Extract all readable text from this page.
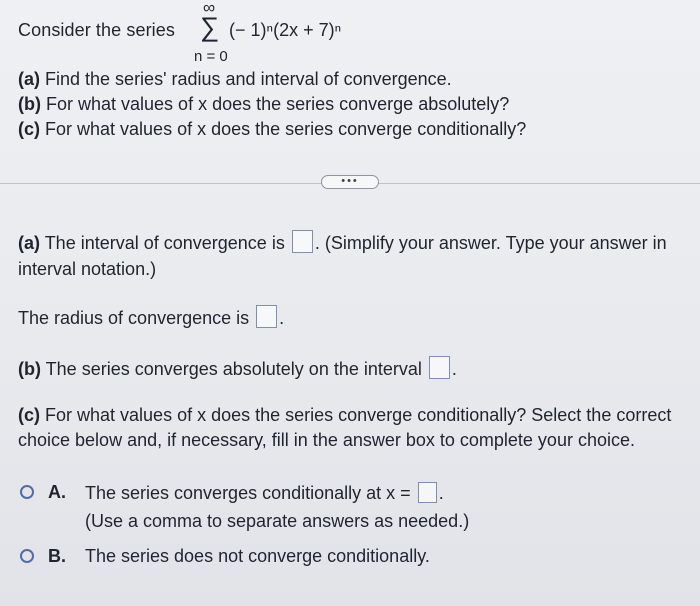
Consider the series
∞
∑
n = 0
(− 1)ⁿ(2x + 7)ⁿ
(a) Find the series' radius and interval of convergence.
(b) For what values of x does the series converge absolutely?
(c) For what values of x does the series converge conditionally?
•••
(a) The interval of convergence is . (Simplify your answer. Type your answer in
interval notation.)
The radius of convergence is .
(b) The series converges absolutely on the interval .
(c) For what values of x does the series converge conditionally? Select the correct
choice below and, if necessary, fill in the answer box to complete your choice.
A. The series converges conditionally at x = .
(Use a comma to separate answers as needed.)
B. The series does not converge conditionally.
